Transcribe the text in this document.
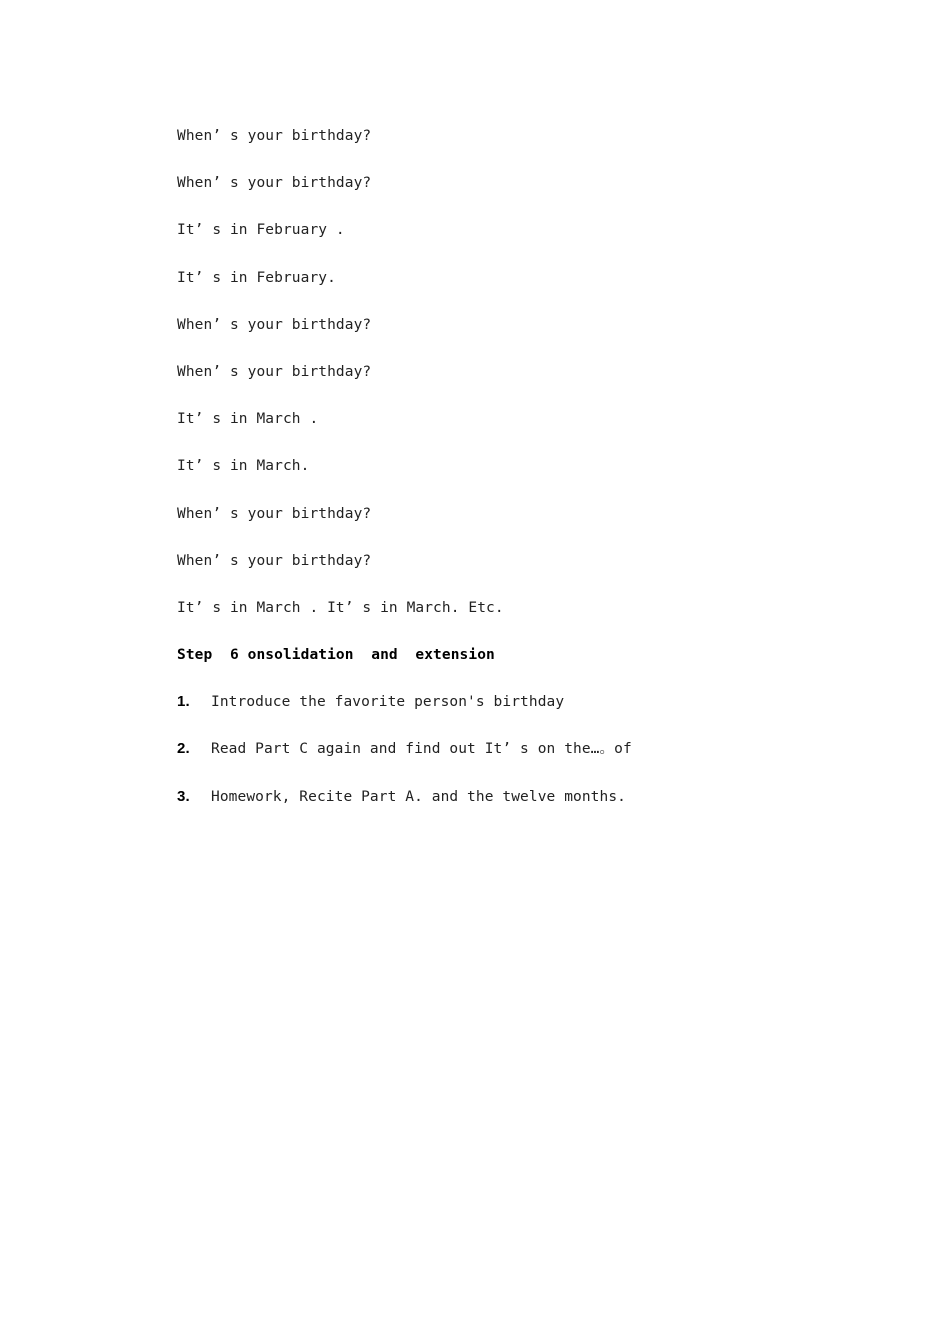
When’ s your birthday?
When’ s your birthday?
It’ s in February .
It’ s in February.
When’ s your birthday?
When’ s your birthday?
It’ s in March .
It’ s in March.
When’ s your birthday?
When’ s your birthday?
It’ s in March . It’ s in March. Etc.
Step  6 onsolidation  and  extension
1.	Introduce the favorite person's birthday
2.	Read Part C again and find out It’ s on the…。of
3.	Homework, Recite Part A. and the twelve months.
